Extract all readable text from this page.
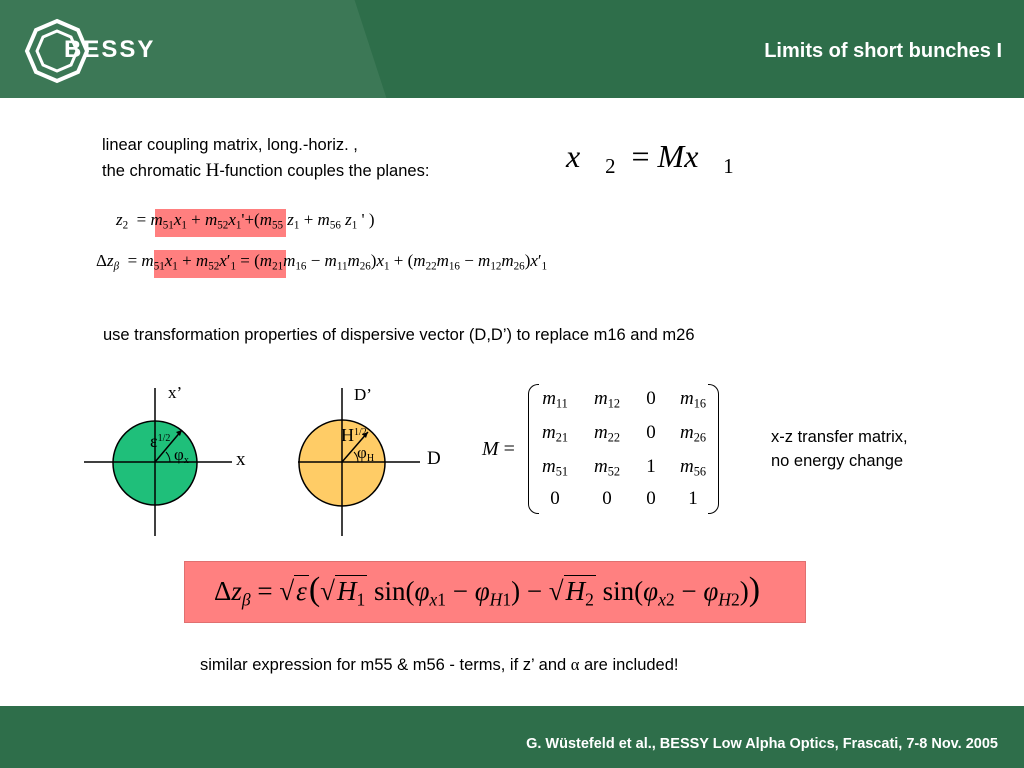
BESSY	Limits of short bunches I
linear coupling matrix, long.-horiz. ,
the chromatic H-function couples the planes:	$x⃗_2$  = $Mx⃗_1$
$z_2 = m_{51}x_1 + m_{52}x_1'+(m_{55}$ $z_1 + m_{56}$ $z_1$ ' )
$\Delta z_\beta = m_{51}x_1 + m_{52}x'_1 = (m_{21}m_{16} - m_{11}m_{26})x_1 + (m_{22}m_{16} - m_{12}m_{26})x'_1$
use transformation properties of dispersive vector (D,D’) to replace m16 and m26
x
x’
$\varepsilon^{1/2}$
$\varphi_x$	D
D’
$H^{1/2}$
$\varphi_H$	M =
$m_{11}$	$m_{12}$	0	$m_{16}$
$m_{21}$	$m_{22}$	0	$m_{26}$
$m_{51}$	$m_{52}$	1	$m_{56}$
0	0	0	1
x-z transfer matrix,
no energy change
$\Delta z_\beta = √\varepsilon(√H_1$ $\sin(\varphi_{x1} - \varphi_{H1}) - √H_2$ $\sin(\varphi_{x2} - \varphi_{H2})$)
similar expression for m55 & m56 - terms, if z’ and α are included!
G. Wüstefeld et al., BESSY Low Alpha Optics, Frascati, 7-8 Nov. 2005
